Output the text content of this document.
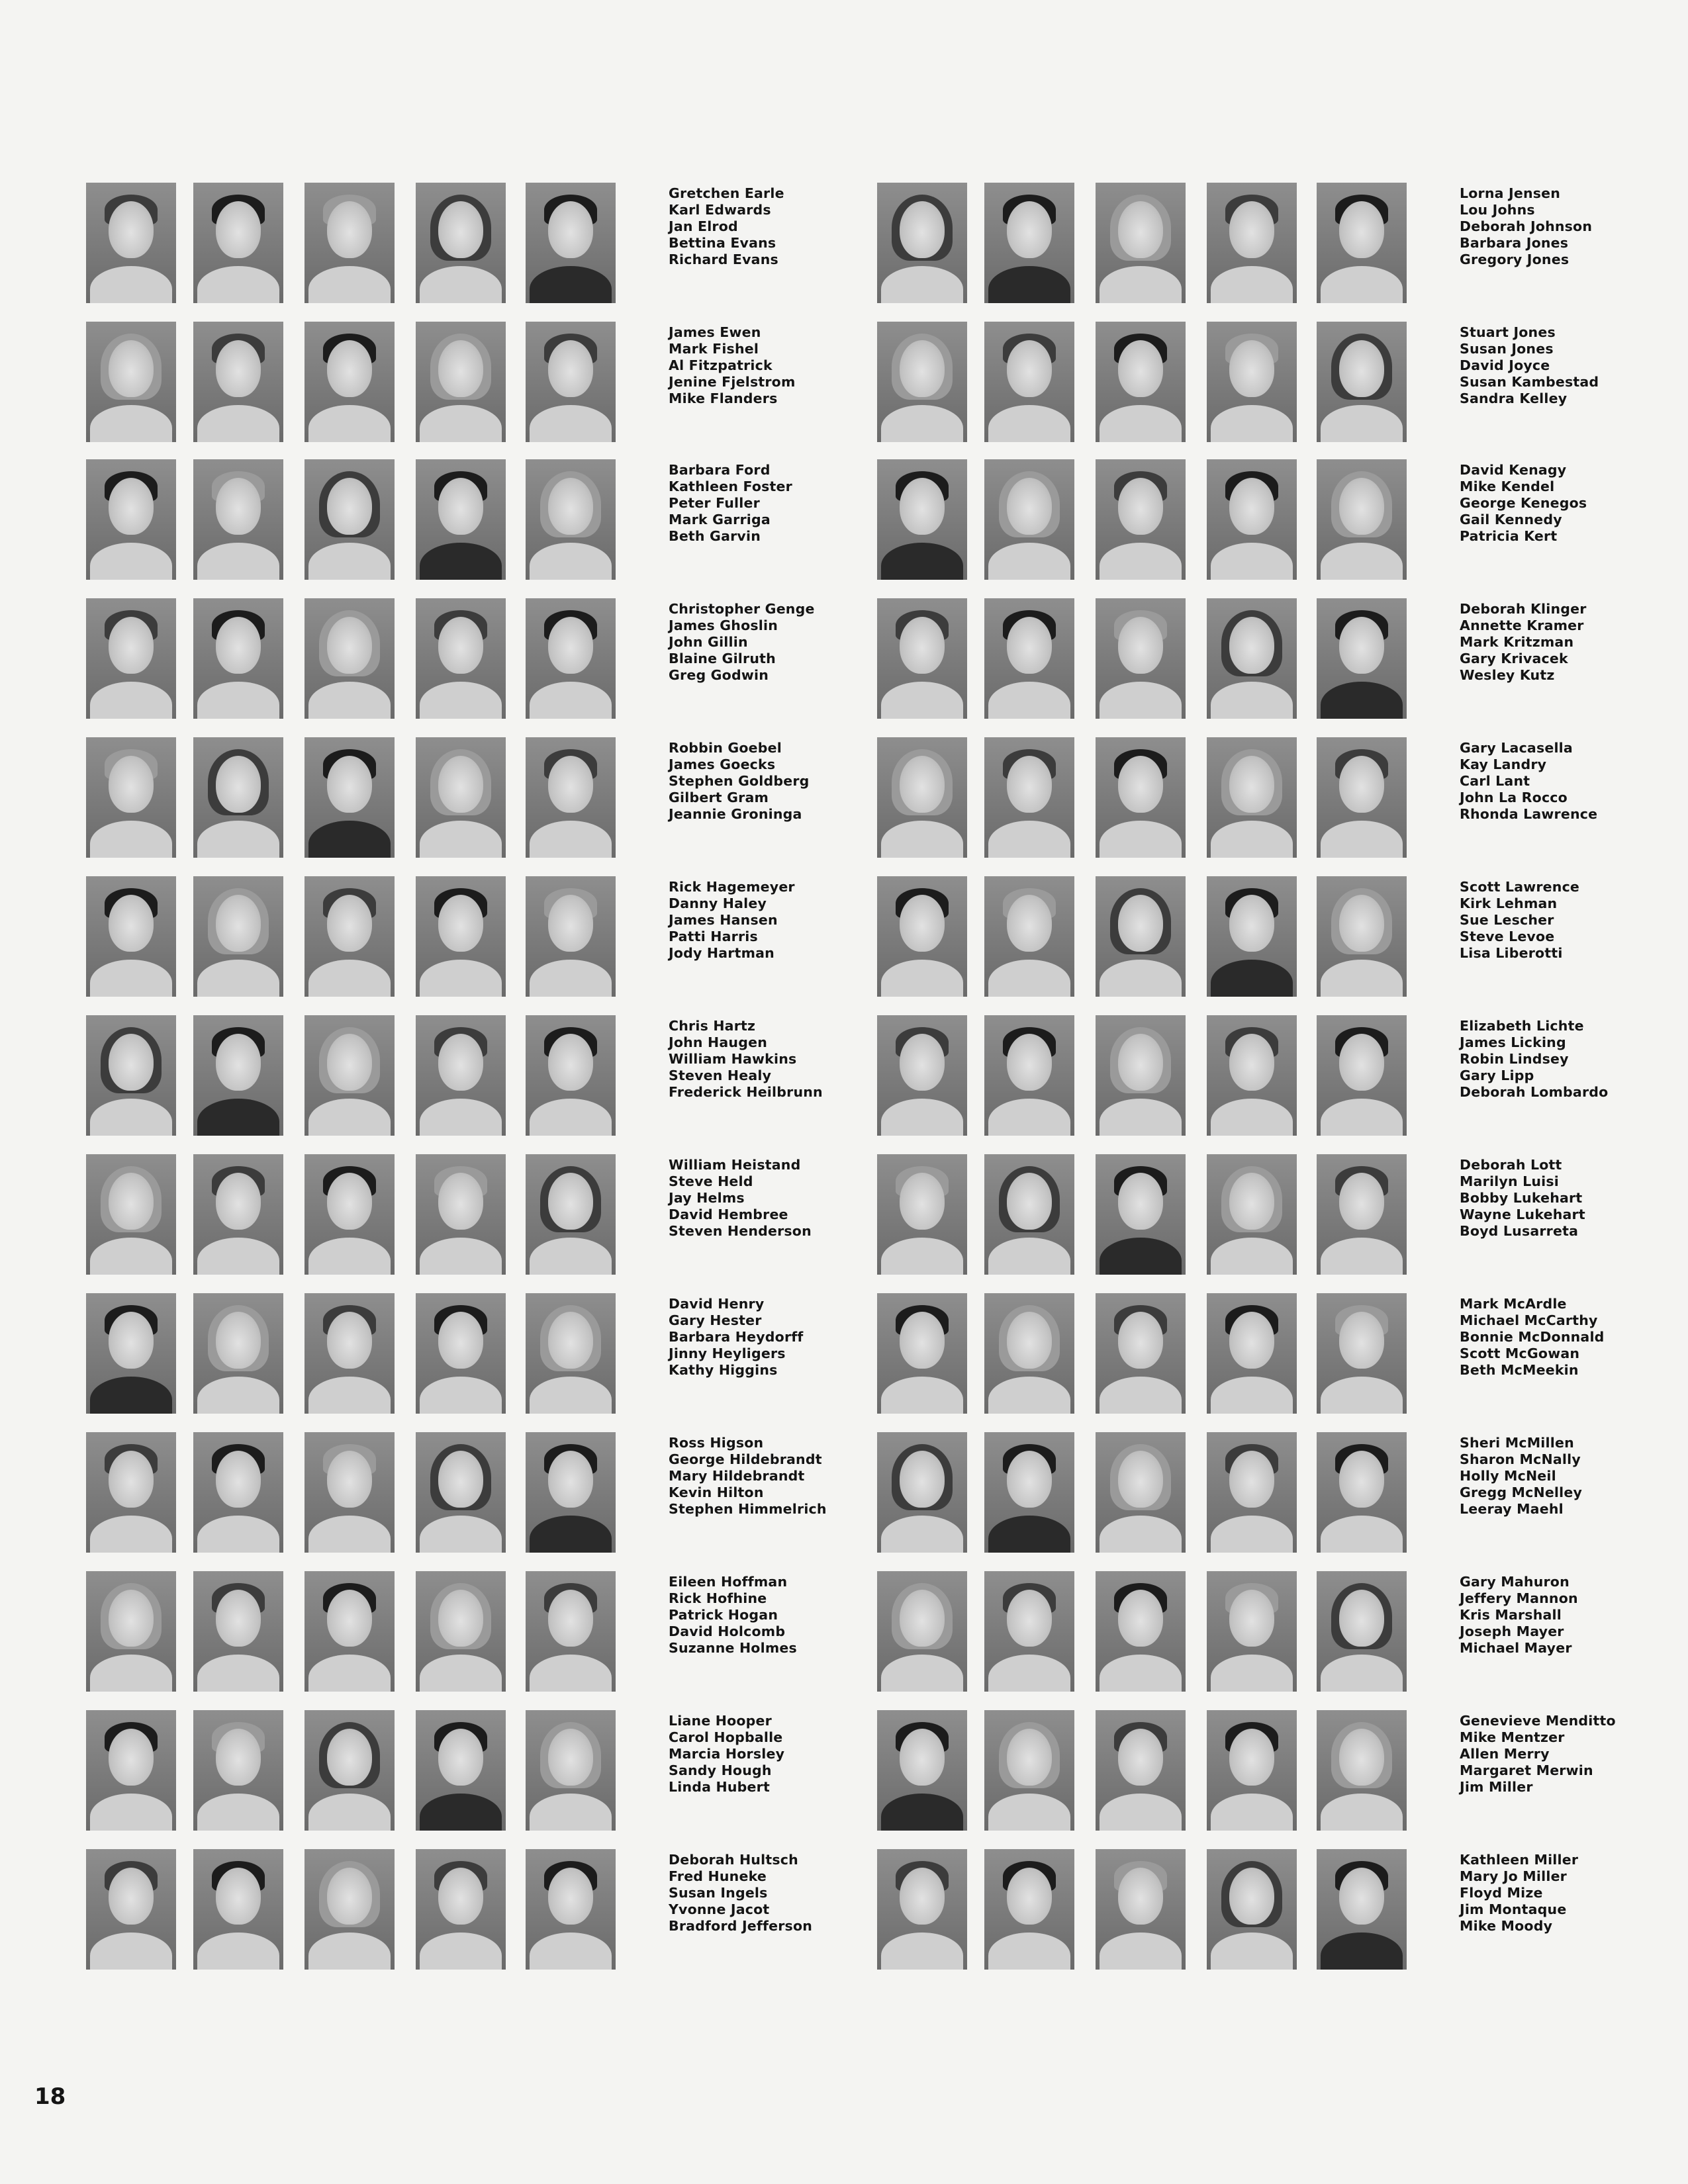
Gretchen Earle
Karl Edwards
Jan Elrod
Bettina Evans
Richard Evans
James Ewen
Mark Fishel
Al Fitzpatrick
Jenine Fjelstrom
Mike Flanders
Barbara Ford
Kathleen Foster
Peter Fuller
Mark Garriga
Beth Garvin
Christopher Genge
James Ghoslin
John Gillin
Blaine Gilruth
Greg Godwin
Robbin Goebel
James Goecks
Stephen Goldberg
Gilbert Gram
Jeannie Groninga
Rick Hagemeyer
Danny Haley
James Hansen
Patti Harris
Jody Hartman
Chris Hartz
John Haugen
William Hawkins
Steven Healy
Frederick Heilbrunn
William Heistand
Steve Held
Jay Helms
David Hembree
Steven Henderson
David Henry
Gary Hester
Barbara Heydorff
Jinny Heyligers
Kathy Higgins
Ross Higson
George Hildebrandt
Mary Hildebrandt
Kevin Hilton
Stephen Himmelrich
Eileen Hoffman
Rick Hofhine
Patrick Hogan
David Holcomb
Suzanne Holmes
Liane Hooper
Carol Hopballe
Marcia Horsley
Sandy Hough
Linda Hubert
Deborah Hultsch
Fred Huneke
Susan Ingels
Yvonne Jacot
Bradford Jefferson
Lorna Jensen
Lou Johns
Deborah Johnson
Barbara Jones
Gregory Jones
Stuart Jones
Susan Jones
David Joyce
Susan Kambestad
Sandra Kelley
David Kenagy
Mike Kendel
George Kenegos
Gail Kennedy
Patricia Kert
Deborah Klinger
Annette Kramer
Mark Kritzman
Gary Krivacek
Wesley Kutz
Gary Lacasella
Kay Landry
Carl Lant
John La Rocco
Rhonda Lawrence
Scott Lawrence
Kirk Lehman
Sue Lescher
Steve Levoe
Lisa Liberotti
Elizabeth Lichte
James Licking
Robin Lindsey
Gary Lipp
Deborah Lombardo
Deborah Lott
Marilyn Luisi
Bobby Lukehart
Wayne Lukehart
Boyd Lusarreta
Mark McArdle
Michael McCarthy
Bonnie McDonnald
Scott McGowan
Beth McMeekin
Sheri McMillen
Sharon McNally
Holly McNeil
Gregg McNelley
Leeray Maehl
Gary Mahuron
Jeffery Mannon
Kris Marshall
Joseph Mayer
Michael Mayer
Genevieve Menditto
Mike Mentzer
Allen Merry
Margaret Merwin
Jim Miller
Kathleen Miller
Mary Jo Miller
Floyd Mize
Jim Montaque
Mike Moody
18
